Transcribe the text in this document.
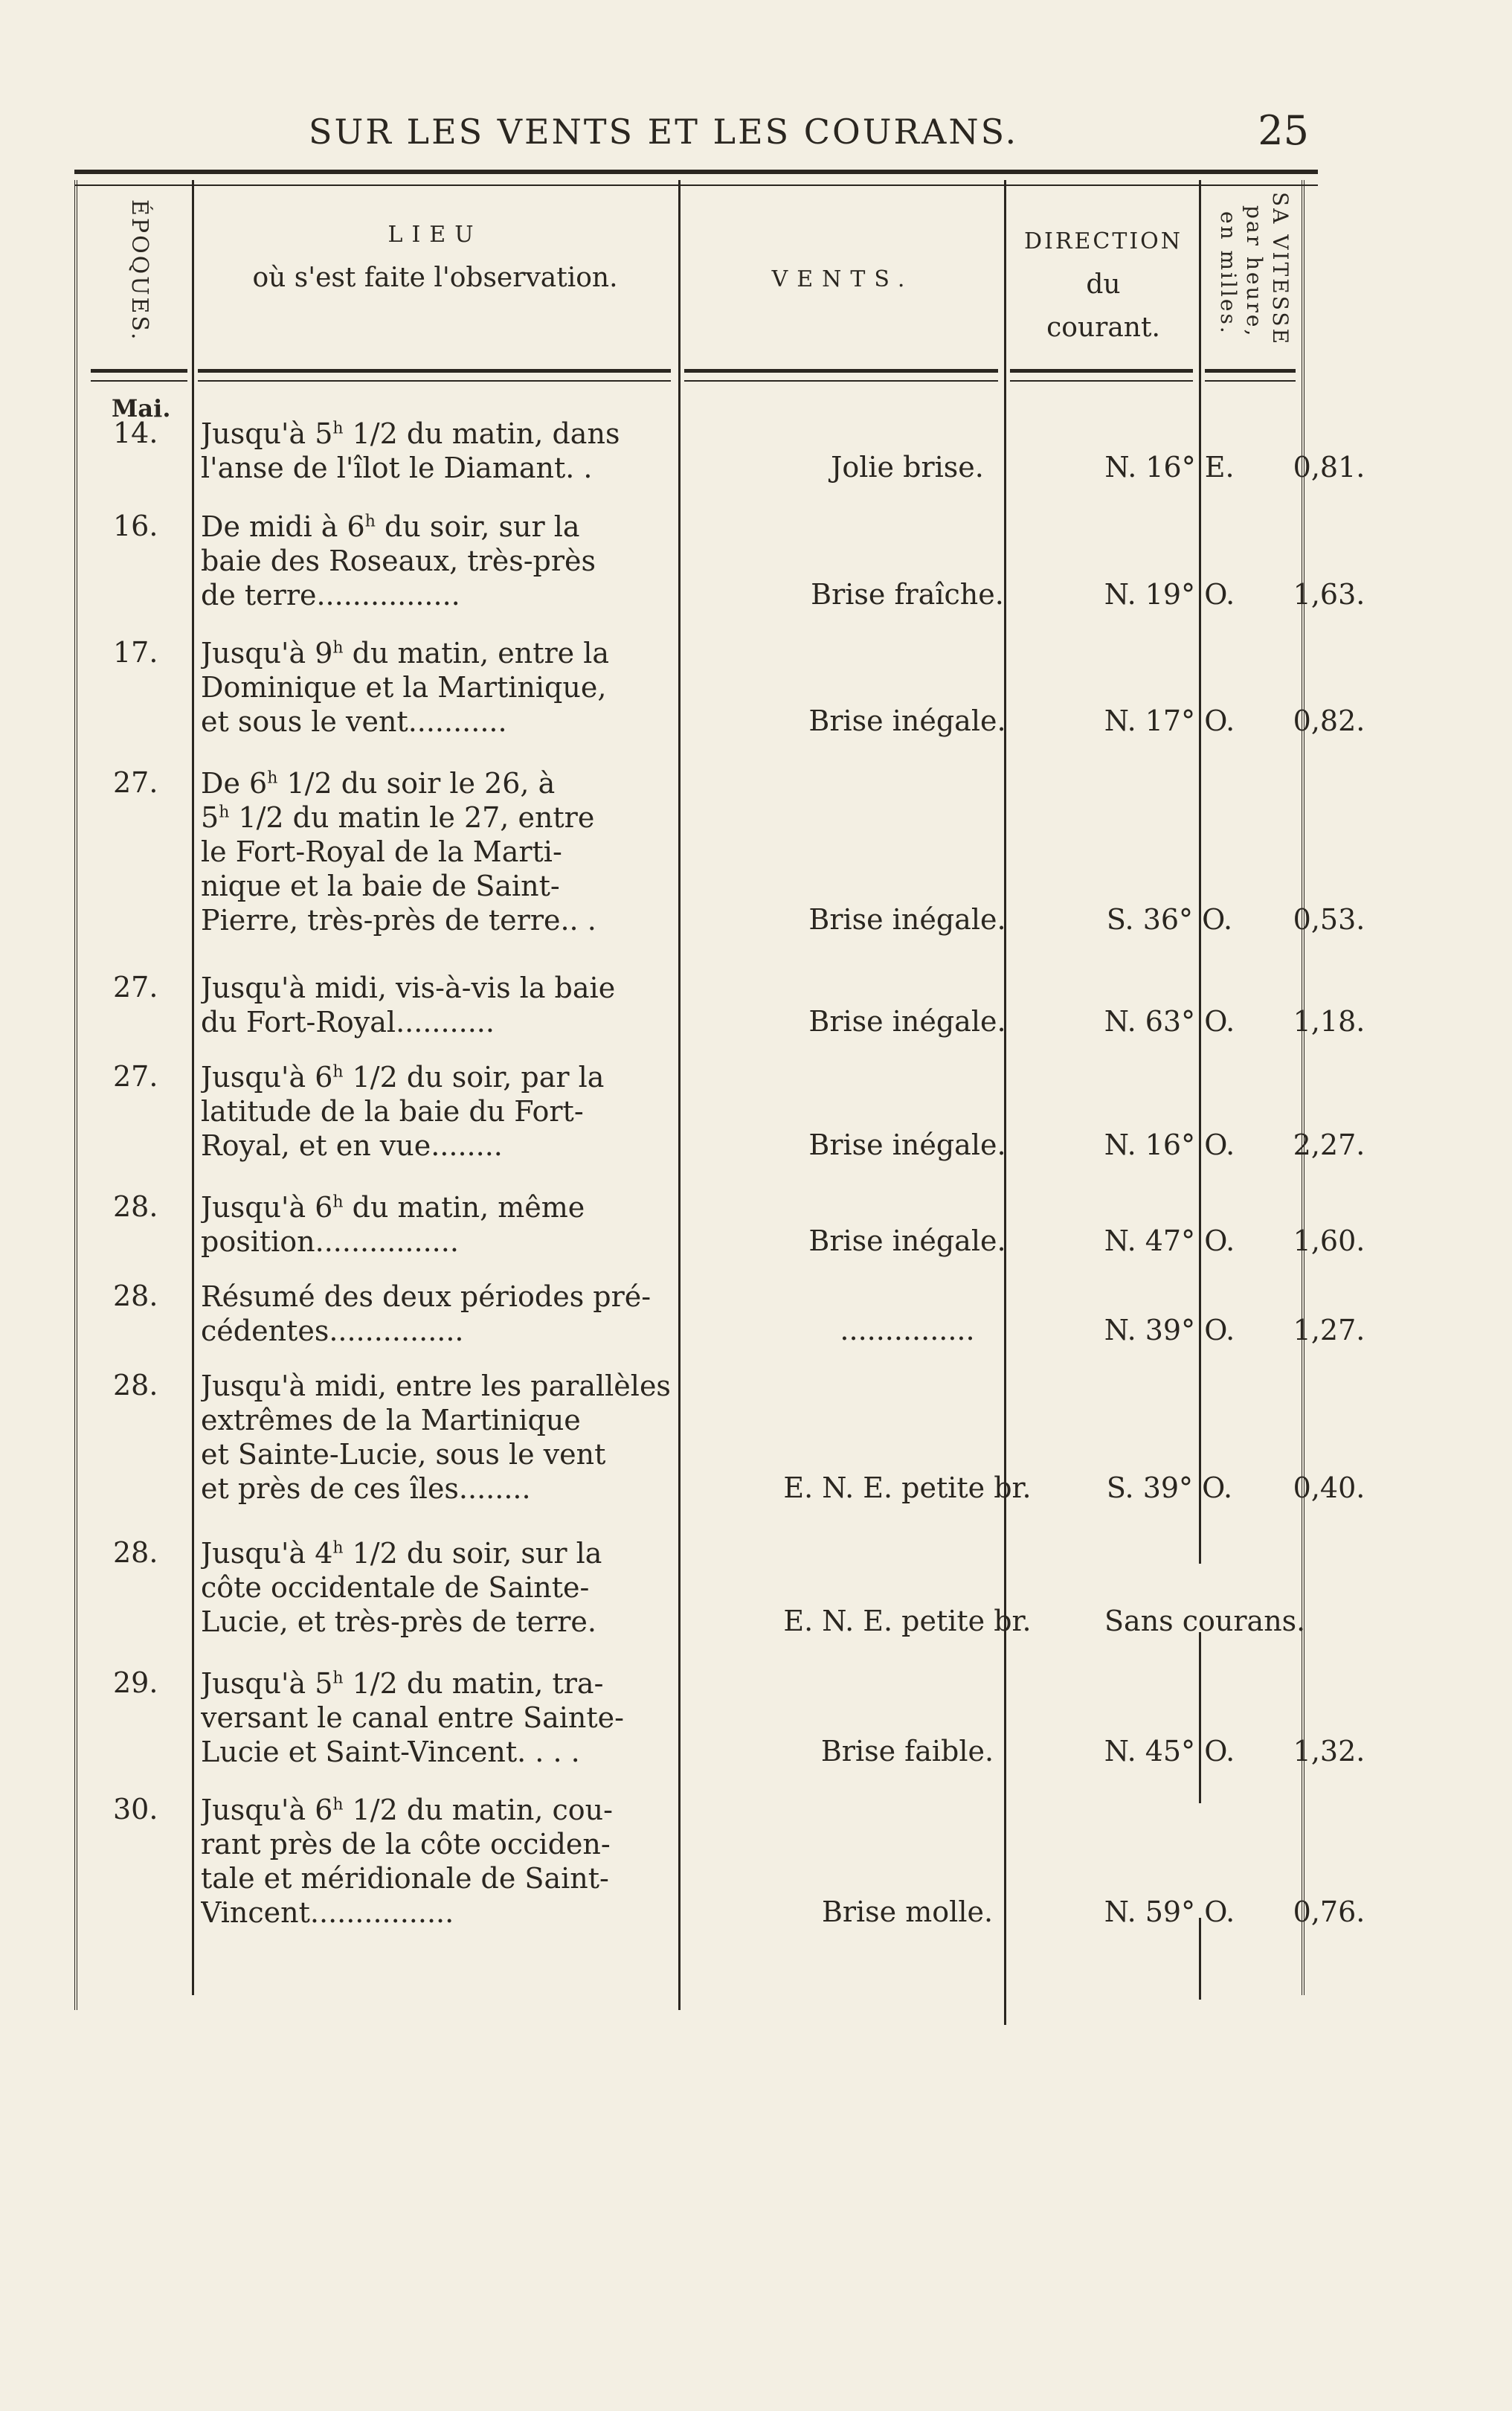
SUR LES VENTS ET LES COURANS.	25
ÉPOQUES.	LIEU
où s'est faite l'observation.	VENTS.
DIRECTION
du
courant.	SA VITESSE
par heure,
en milles.
Mai.
14. Jusqu'à 5$^h$ 1/2 du matin, dans
l'anse de l'îlot le Diamant. .	Jolie brise.	N. 16° E.	0,81.
16. De midi à 6$^h$ du soir, sur la
baie des Roseaux, très-près
de terre................	Brise fraîche.	N. 19° O.	1,63.
17. Jusqu'à 9$^h$ du matin, entre la
Dominique et la Martinique,
et sous le vent...........	Brise inégale.	N. 17° O.	0,82.
27. De 6$^h$ 1/2 du soir le 26, à
5$^h$ 1/2 du matin le 27, entre
le Fort-Royal de la Marti-
nique et la baie de Saint-
Pierre, très-près de terre.. .	Brise inégale.	S. 36° O.	0,53.
27. Jusqu'à midi, vis-à-vis la baie
du Fort-Royal...........	Brise inégale.	N. 63° O.	1,18.
27. Jusqu'à 6$^h$ 1/2 du soir, par la
latitude de la baie du Fort-
Royal, et en vue........	Brise inégale.	N. 16° O.	2,27.
28. Jusqu'à 6$^h$ du matin, même
position................	Brise inégale.	N. 47° O.	1,60.
28. Résumé des deux périodes pré-
cédentes...............	...............	N. 39° O.	1,27.
28. Jusqu'à midi, entre les parallèles
extrêmes de la Martinique
et Sainte-Lucie, sous le vent
et près de ces îles........	E. N. E. petite br.	S. 39° O.	0,40.
28. Jusqu'à 4$^h$ 1/2 du soir, sur la
côte occidentale de Sainte-
Lucie, et très-près de terre.	E. N. E. petite br.	Sans courans.
29. Jusqu'à 5$^h$ 1/2 du matin, tra-
versant le canal entre Sainte-
Lucie et Saint-Vincent. . . .	Brise faible.	N. 45° O.	1,32.
30. Jusqu'à 6$^h$ 1/2 du matin, cou-
rant près de la côte occiden-
tale et méridionale de Saint-
Vincent................	Brise molle.	N. 59° O.	0,76.
